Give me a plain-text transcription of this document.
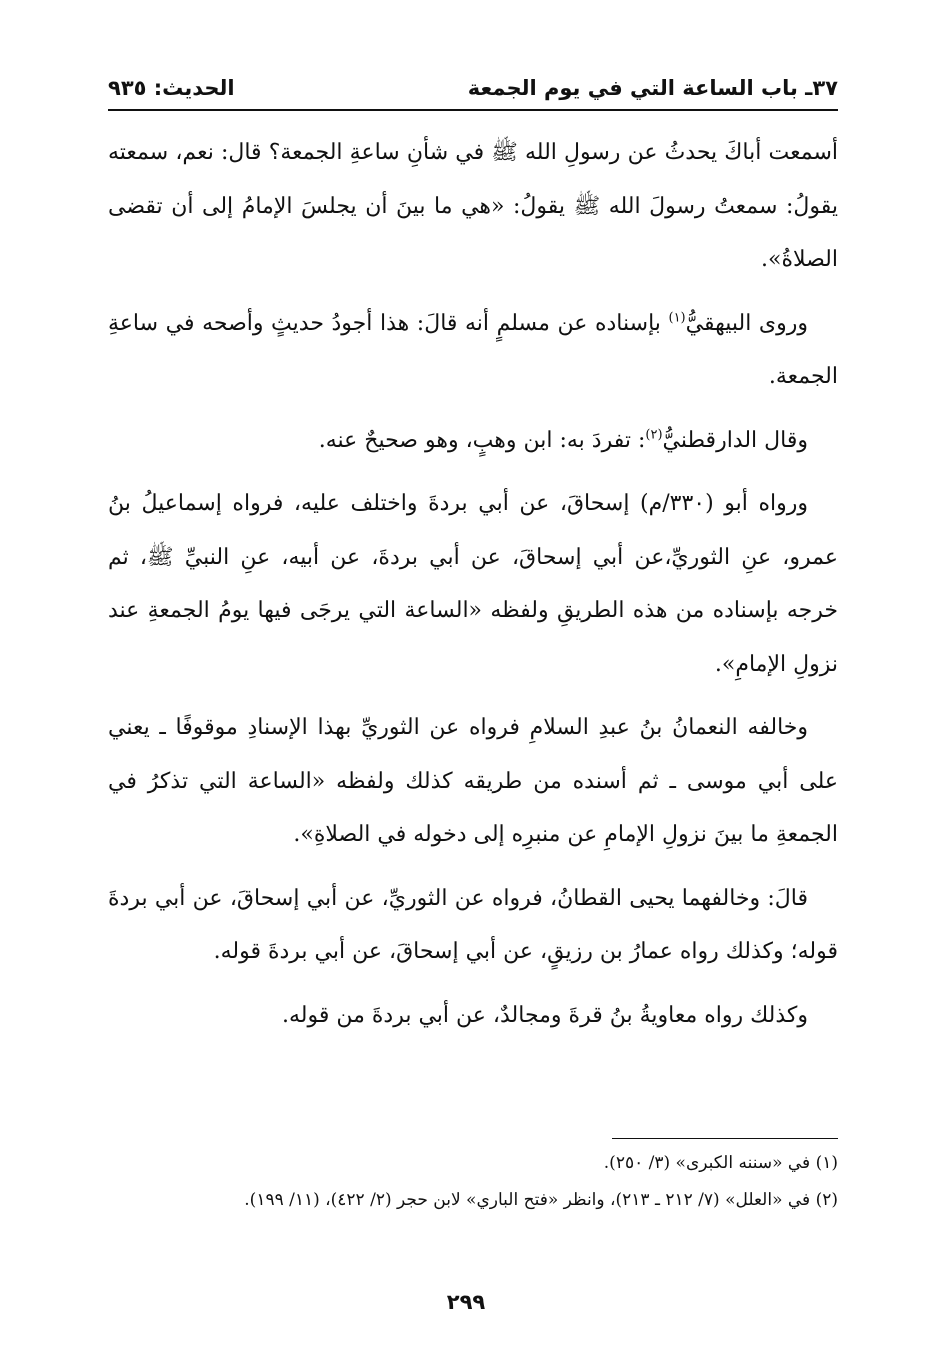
٣٧ـ باب الساعة التي في يوم الجمعة
الحديث: ٩٣٥

أسمعت أباكَ يحدثُ عن رسولِ الله ﷺ في شأنِ ساعةِ الجمعة؟ قال: نعم، سمعته يقولُ: سمعتُ رسولَ الله ﷺ يقولُ: «هي ما بينَ أن يجلسَ الإمامُ إلى أن تقضى الصلاةُ».

وروى البيهقيُّ$^{(١)}$ بإسناده عن مسلمٍ أنه قالَ: هذا أجودُ حديثٍ وأصحه في ساعةِ الجمعة.

وقال الدارقطنيُّ$^{(٢)}$: تفردَ به: ابن وهبٍ، وهو صحيحٌ عنه.

ورواه أبو (٣٣٠/م) إسحاقَ، عن أبي بردةَ واختلف عليه، فرواه إسماعيلُ بنُ عمرو، عنِ الثوريِّ،عن أبي إسحاقَ، عن أبي بردةَ، عن أبيه، عنِ النبيِّ ﷺ، ثم خرجه بإسناده من هذه الطريقِ ولفظه «الساعة التي يرجَى فيها يومُ الجمعةِ عند نزولِ الإمامِ».

وخالفه النعمانُ بنُ عبدِ السلامِ فرواه عن الثوريِّ بهذا الإسنادِ موقوفًا ـ يعني على أبي موسى ـ ثم أسنده من طريقه كذلك ولفظه «الساعة التي تذكرُ في الجمعةِ ما بينَ نزولِ الإمامِ عن منبرِه إلى دخوله في الصلاةِ».

قالَ: وخالفهما يحيى القطانُ، فرواه عن الثوريِّ، عن أبي إسحاقَ، عن أبي بردةَ قوله؛ وكذلك رواه عمارُ بن رزيقٍ، عن أبي إسحاقَ، عن أبي بردةَ قوله.

وكذلك رواه معاويةُ بنُ قرةَ ومجالدٌ، عن أبي بردةَ من قوله.

(١) في «سننه الكبرى» (٣/ ٢٥٠).

(٢) في «العلل» (٧/ ٢١٢ ـ ٢١٣)، وانظر «فتح الباري» لابن حجر (٢/ ٤٢٢)، (١١/ ١٩٩).

٢٩٩
